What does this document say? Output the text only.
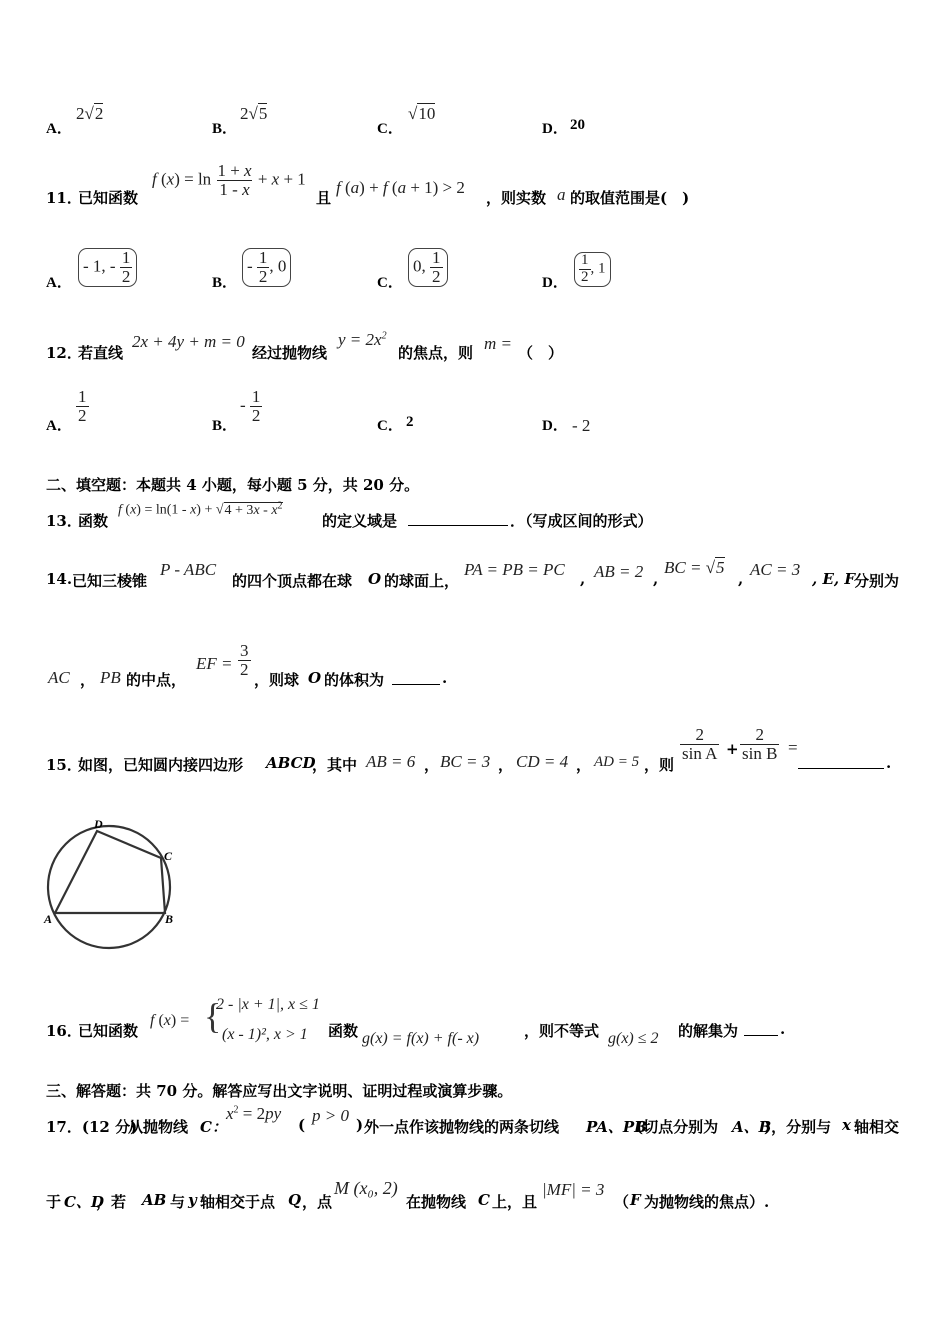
A．
2√2
B．
2√5
C．
√10
D． 20
11．
已知函数
f $(x) = \ln \frac{1 + x}{1 - x} + x + 1$
且
f (a) + f (a + 1) > 2
，则实数 a 的取值范围是(　)
A．
- 1, - $\frac{1}{2}$	B．
- $\frac{1}{2}$ , 0
C．
0, $\frac{1}{2}$	D． $\frac{1}{2}$ , 1
12．
若直线
2x + 4y + m = 0
经过抛物线
$y = 2x^2$
的焦点，则 m = （　）
A．
$\frac{1}{2}$
B．
- $\frac{1}{2}$
C． 2	D． - 2
二、填空题：本题共 4 小题，每小题 5 分，共 20 分。
13．
函数
f $(x) = \ln(1 - x) + √4 + 3x - x^2$
的定义域是	．（写成区间的形式）
14. 已知三棱锥
P - ABC
的四个顶点都在球 O 的球面上，
PA = PB = PC , AB = 2 ,
BC = √5
, AC = 3 , E, F 分别为
AC ， PB 的中点，
EF = $\frac{3}{2}$
，则球 O 的体积为	.
15．
如图，已知圆内接四边形 ABCD
，其中 AB = 6 ， BC = 3 ， CD = 4 ， AD = 5 ，则
$\frac{2}{\text{sin A}} + \frac{2}{\text{sin B}}$ =
.
A	B
C
D
16．
已知函数
f (x) = {
2 - |x + 1|, x ≤ 1
(x - 1)², x > 1 函数 g(x) = f(x) + f(- x)	，则不等式 g(x) ≤ 2 的解集为	.
三、解答题：共 70 分。解答应写出文字说明、证明过程或演算步骤。
17．(12 分)
从抛物线 C：
$x^2 = 2py$
( p > 0 ) 外一点作该抛物线的两条切线 PA、PB
(切点分别为 A、B
)，分别与 x 轴相交
于 C、D
，若 AB 与 y 轴相交于点 Q ，点
M (x₀, 2)
在抛物线 C 上，且
|MF| = 3
（ F 为抛物线的焦点）.
